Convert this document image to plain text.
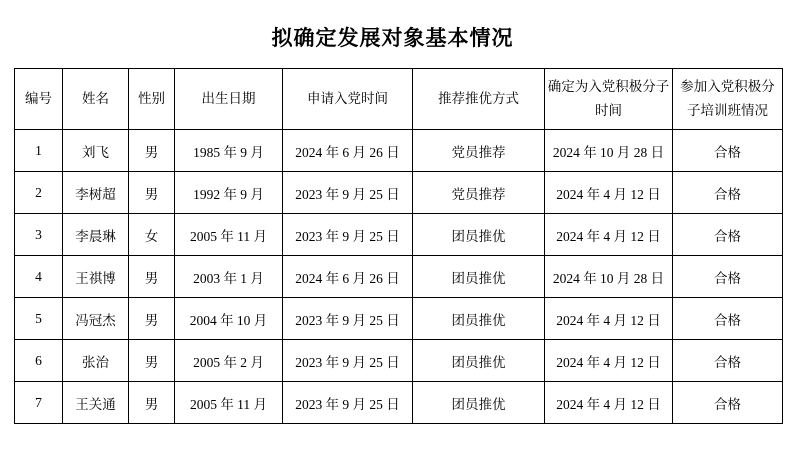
拟确定发展对象基本情况
编号	姓名	性别	出生日期	申请入党时间	推荐推优方式	确定为入党积极分子时间	参加入党积极分子培训班情况

1	刘飞	男	1985 年 9 月	2024 年 6 月 26 日	党员推荐	2024 年 10 月 28 日	合格
2	李树超	男	1992 年 9 月	2023 年 9 月 25 日	党员推荐	2024 年 4 月 12 日	合格
3	李晨琳	女	2005 年 11 月	2023 年 9 月 25 日	团员推优	2024 年 4 月 12 日	合格
4	王祺博	男	2003 年 1 月	2024 年 6 月 26 日	团员推优	2024 年 10 月 28 日	合格
5	冯冠杰	男	2004 年 10 月	2023 年 9 月 25 日	团员推优	2024 年 4 月 12 日	合格
6	张治	男	2005 年 2 月	2023 年 9 月 25 日	团员推优	2024 年 4 月 12 日	合格
7	王关通	男	2005 年 11 月	2023 年 9 月 25 日	团员推优	2024 年 4 月 12 日	合格
